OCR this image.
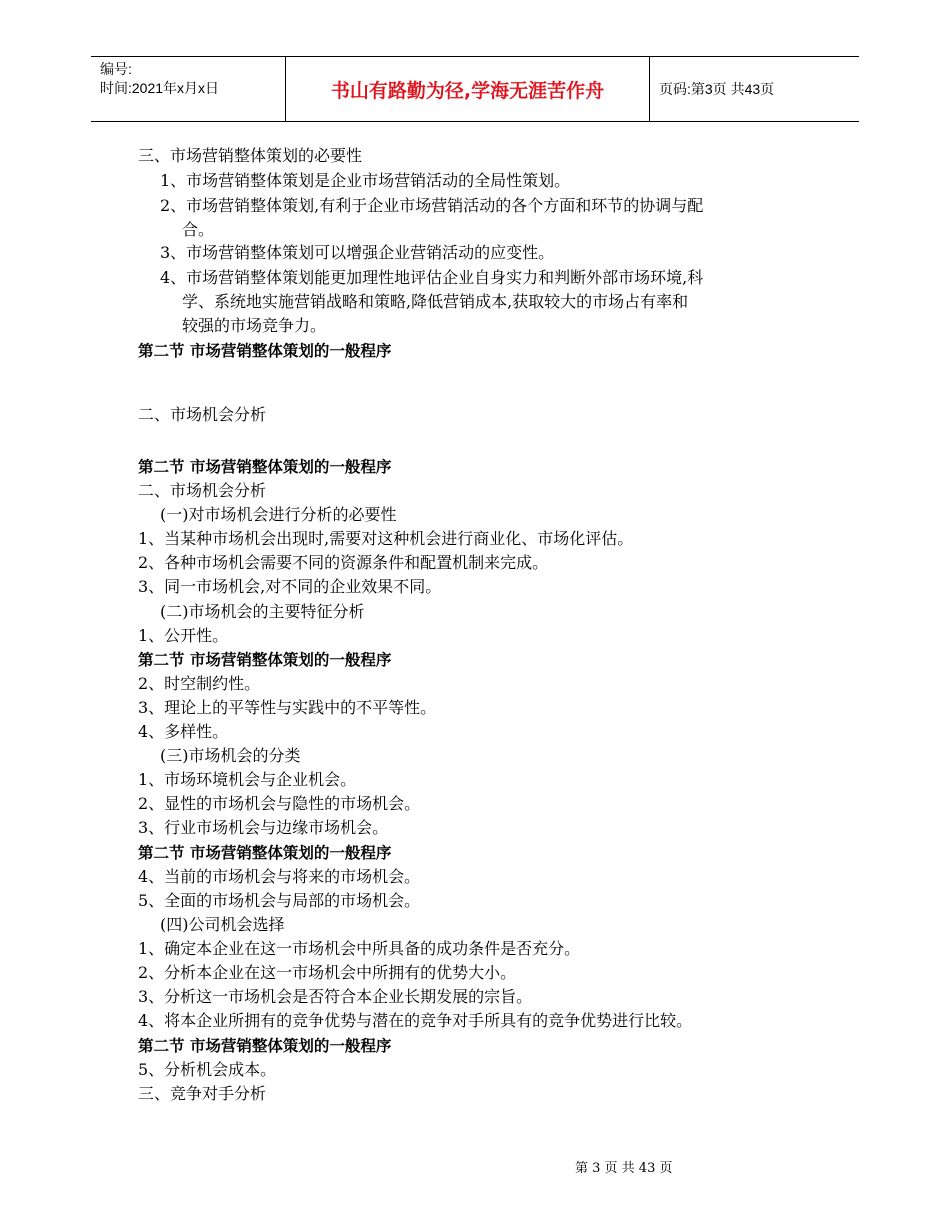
编号:
时间:2021年x月x日	书山有路勤为径,学海无涯苦作舟	页码:第3页 共43页
三、市场营销整体策划的必要性
1、市场营销整体策划是企业市场营销活动的全局性策划。
2、市场营销整体策划,有利于企业市场营销活动的各个方面和环节的协调与配
合。
3、市场营销整体策划可以增强企业营销活动的应变性。
4、市场营销整体策划能更加理性地评估企业自身实力和判断外部市场环境,科
学、系统地实施营销战略和策略,降低营销成本,获取较大的市场占有率和
较强的市场竞争力。
第二节 市场营销整体策划的一般程序
二、市场机会分析
第二节 市场营销整体策划的一般程序
二、市场机会分析
(一)对市场机会进行分析的必要性
1、当某种市场机会出现时,需要对这种机会进行商业化、市场化评估。
2、各种市场机会需要不同的资源条件和配置机制来完成。
3、同一市场机会,对不同的企业效果不同。
(二)市场机会的主要特征分析
1、公开性。
第二节 市场营销整体策划的一般程序
2、时空制约性。
3、理论上的平等性与实践中的不平等性。
4、多样性。
(三)市场机会的分类
1、市场环境机会与企业机会。
2、显性的市场机会与隐性的市场机会。
3、行业市场机会与边缘市场机会。
第二节 市场营销整体策划的一般程序
4、当前的市场机会与将来的市场机会。
5、全面的市场机会与局部的市场机会。
(四)公司机会选择
1、确定本企业在这一市场机会中所具备的成功条件是否充分。
2、分析本企业在这一市场机会中所拥有的优势大小。
3、分析这一市场机会是否符合本企业长期发展的宗旨。
4、将本企业所拥有的竞争优势与潜在的竞争对手所具有的竞争优势进行比较。
第二节 市场营销整体策划的一般程序
5、分析机会成本。
三、竞争对手分析
第 3 页 共 43 页
